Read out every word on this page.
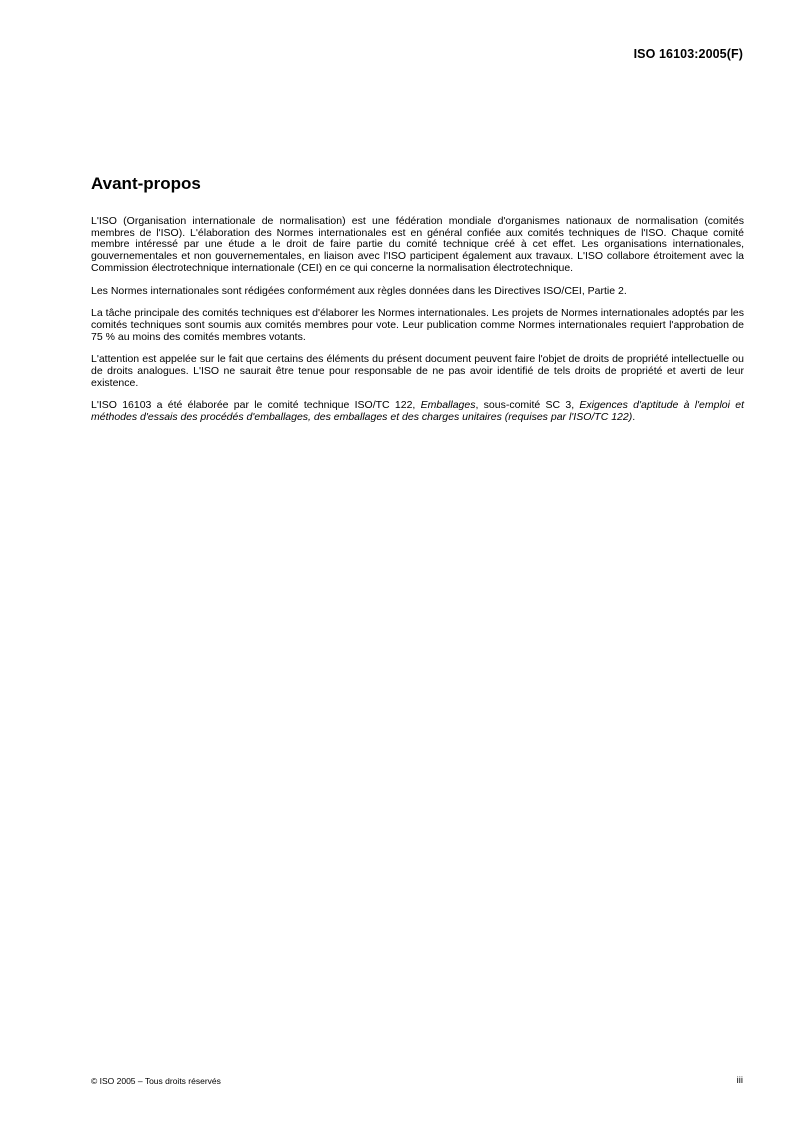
ISO 16103:2005(F)
Avant-propos

L'ISO (Organisation internationale de normalisation) est une fédération mondiale d'organismes nationaux de normalisation (comités membres de l'ISO). L'élaboration des Normes internationales est en général confiée aux comités techniques de l'ISO. Chaque comité membre intéressé par une étude a le droit de faire partie du comité technique créé à cet effet. Les organisations internationales, gouvernementales et non gouvernementales, en liaison avec l'ISO participent également aux travaux. L'ISO collabore étroitement avec la Commission électrotechnique internationale (CEI) en ce qui concerne la normalisation électrotechnique.

Les Normes internationales sont rédigées conformément aux règles données dans les Directives ISO/CEI, Partie 2.

La tâche principale des comités techniques est d'élaborer les Normes internationales. Les projets de Normes internationales adoptés par les comités techniques sont soumis aux comités membres pour vote. Leur publication comme Normes internationales requiert l'approbation de 75 % au moins des comités membres votants.

L'attention est appelée sur le fait que certains des éléments du présent document peuvent faire l'objet de droits de propriété intellectuelle ou de droits analogues. L'ISO ne saurait être tenue pour responsable de ne pas avoir identifié de tels droits de propriété et averti de leur existence.

L'ISO 16103 a été élaborée par le comité technique ISO/TC 122, Emballages, sous-comité SC 3, Exigences d'aptitude à l'emploi et méthodes d'essais des procédés d'emballages, des emballages et des charges unitaires (requises par l'ISO/TC 122).

© ISO 2005 – Tous droits réservés	iii
